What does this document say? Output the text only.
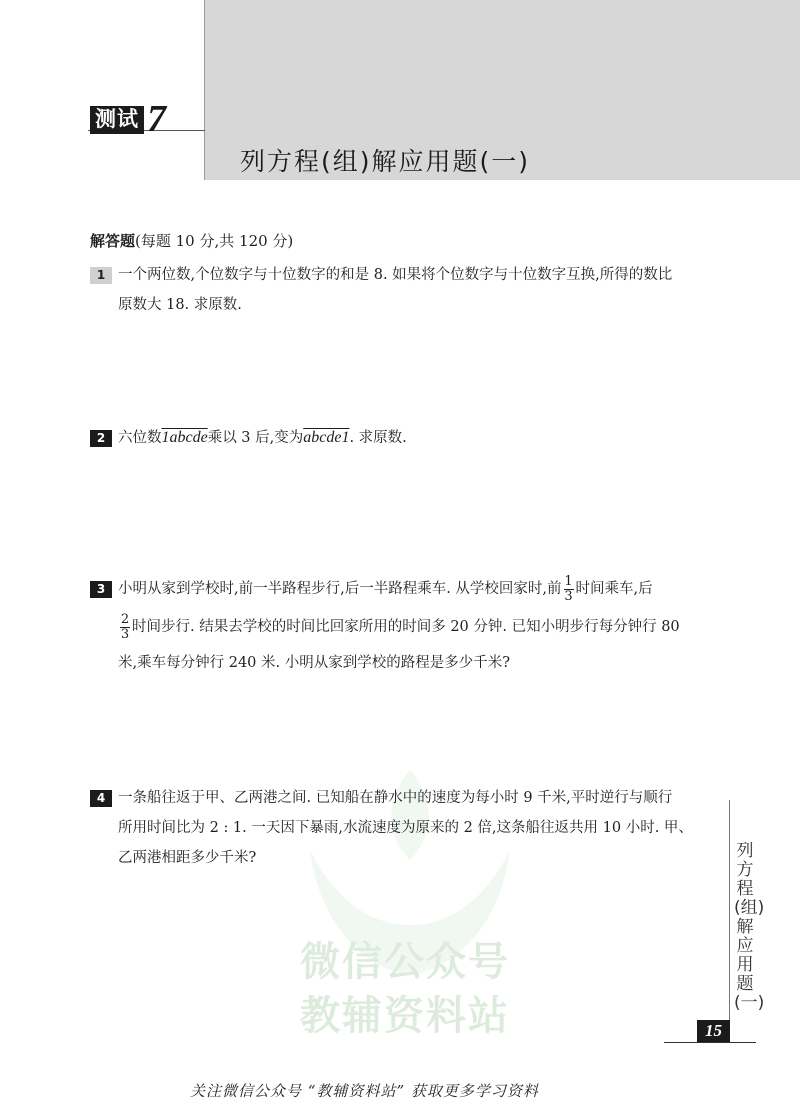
测试 7
列方程(组)解应用题(一)
微信公众号
教辅资料站
解答题(每题 10 分,共 120 分)
1 一个两位数,个位数字与十位数字的和是 8. 如果将个位数字与十位数字互换,所得的数比
原数大 18. 求原数.
2 六位数 1abcde 乘以 3 后,变为 abcde1 . 求原数.
3 小明从家到学校时,前一半路程步行,后一半路程乘车. 从学校回家时,前 $\frac{1}{3}$ 时间乘车,后
$\frac{2}{3}$ 时间步行. 结果去学校的时间比回家所用的时间多 20 分钟. 已知小明步行每分钟行 80
米,乘车每分钟行 240 米. 小明从家到学校的路程是多少千米?
4 一条船往返于甲、乙两港之间. 已知船在静水中的速度为每小时 9 千米,平时逆行与顺行
所用时间比为 2 : 1. 一天因下暴雨,水流速度为原来的 2 倍,这条船往返共用 10 小时. 甲、
乙两港相距多少千米?	列方程(组)解应用题(一)
15
关注微信公众号 “教辅资料站” 获取更多学习资料
